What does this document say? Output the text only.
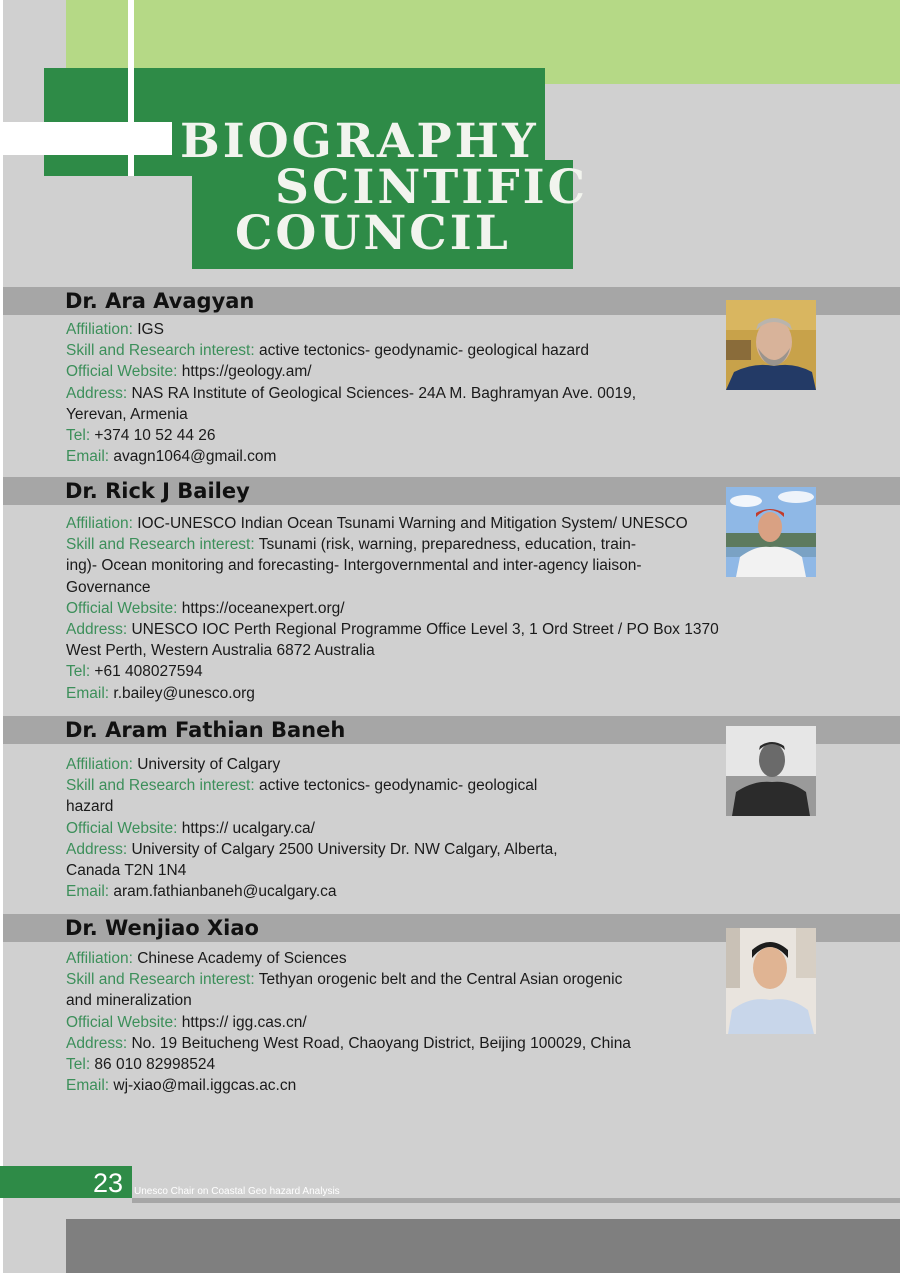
BIOGRAPHY
SCINTIFIC
COUNCIL
Dr. Ara Avagyan
Affiliation: IGS
Skill and Research interest: active tectonics- geodynamic- geological hazard
Official Website: https://geology.am/
Address: NAS RA Institute of Geological Sciences- 24A M. Baghramyan Ave. 0019,
Yerevan, Armenia
Tel: +374 10 52 44 26
Email: avagn1064@gmail.com
Dr. Rick J Bailey
Affiliation: IOC-UNESCO Indian Ocean Tsunami Warning and Mitigation System/ UNESCO
Skill and Research interest: Tsunami (risk, warning, preparedness, education, train-
ing)- Ocean monitoring and forecasting- Intergovernmental and inter-agency liaison-
Governance
Official Website: https://oceanexpert.org/
Address: UNESCO IOC Perth Regional Programme Office Level 3, 1 Ord Street / PO Box 1370
West Perth, Western Australia 6872 Australia
Tel: +61 408027594
Email: r.bailey@unesco.org
Dr. Aram Fathian Baneh
Affiliation: University of Calgary
Skill and Research interest: active tectonics- geodynamic- geological
hazard
Official Website: https:// ucalgary.ca/
Address: University of Calgary 2500 University Dr. NW Calgary, Alberta,
Canada T2N 1N4
Email: aram.fathianbaneh@ucalgary.ca
Dr. Wenjiao Xiao
Affiliation: Chinese Academy of Sciences
Skill and Research interest: Tethyan orogenic belt and the Central Asian orogenic
and mineralization
Official Website: https:// igg.cas.cn/
Address: No. 19 Beitucheng West Road, Chaoyang District, Beijing 100029, China
Tel: 86 010 82998524
Email: wj-xiao@mail.iggcas.ac.cn
23 Unesco Chair on Coastal Geo hazard Analysis
